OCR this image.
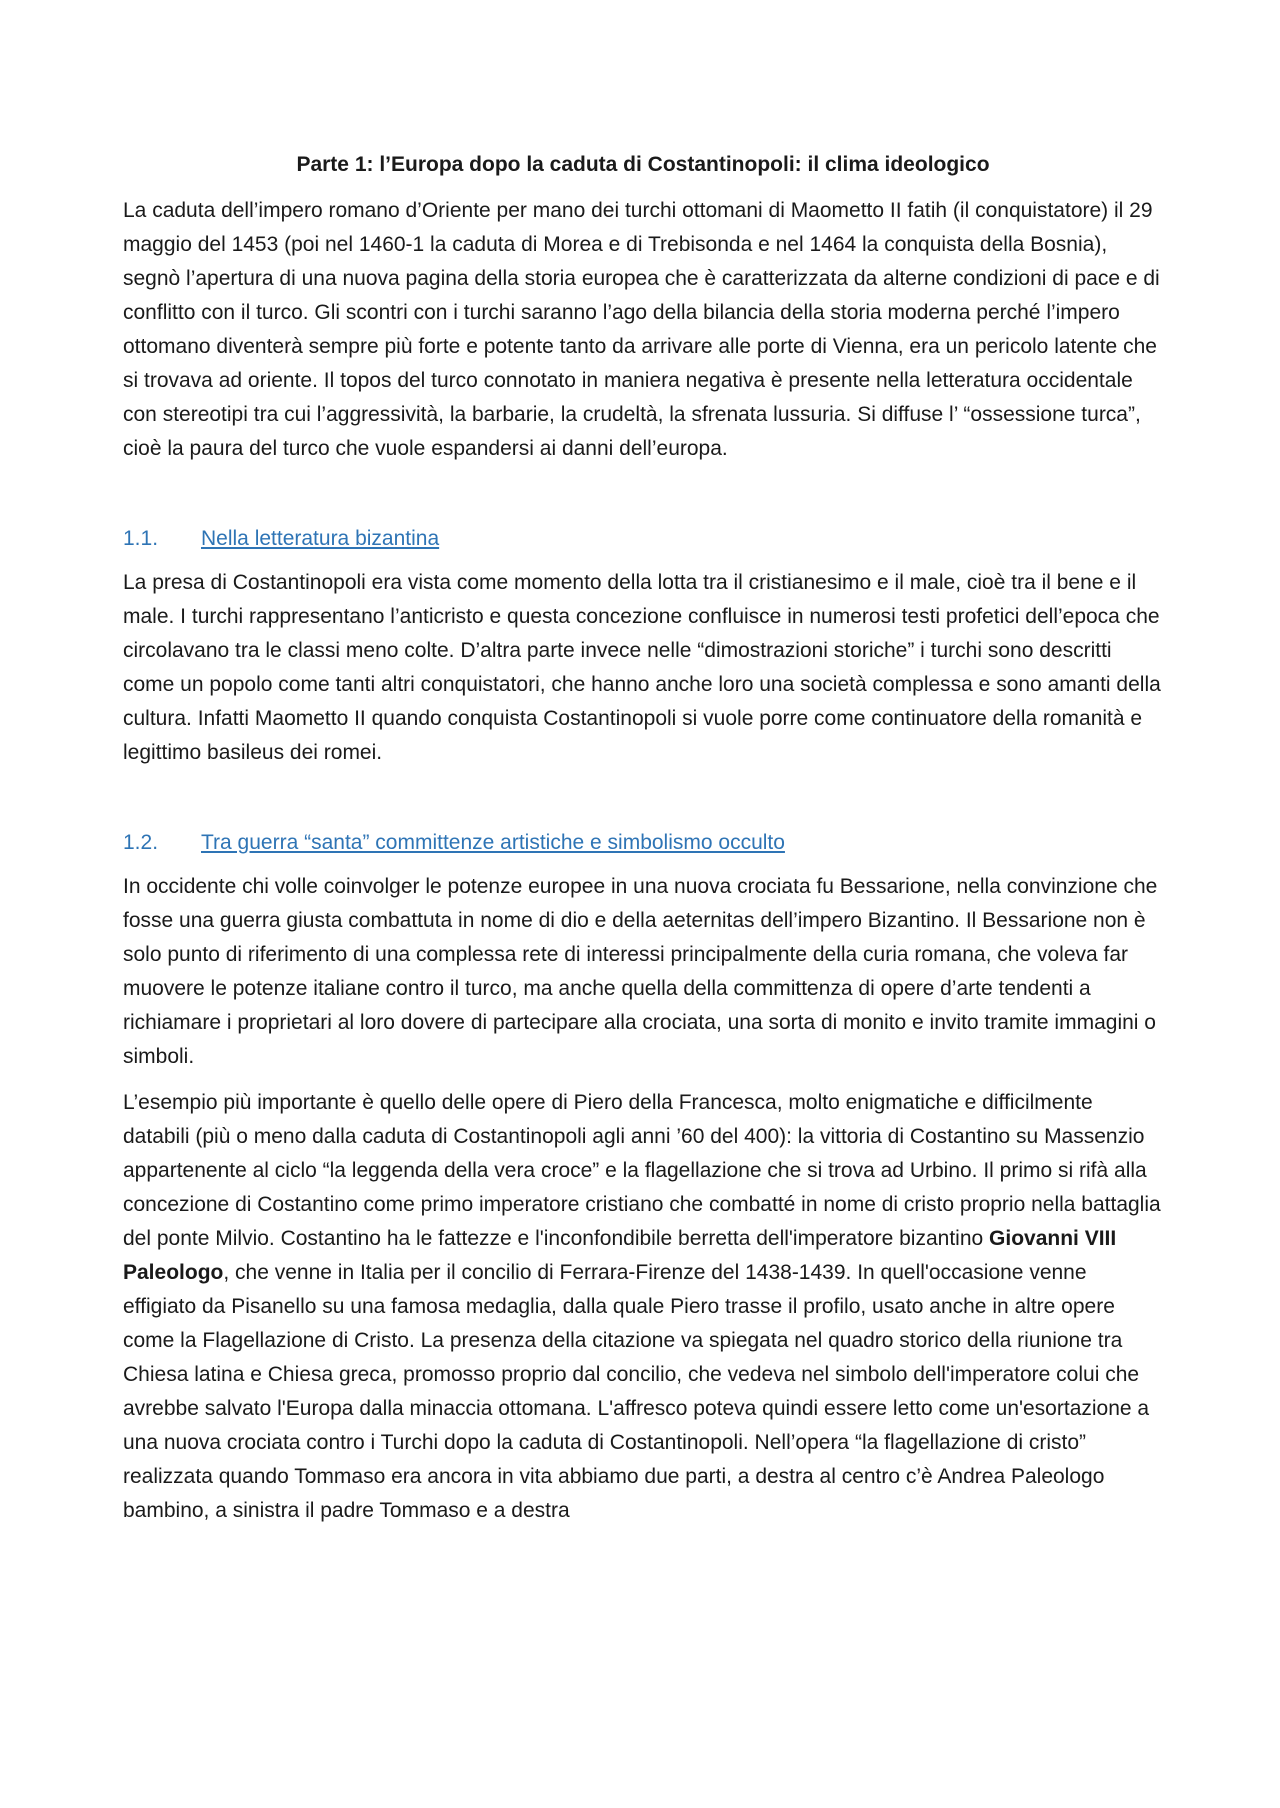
Parte 1: l’Europa dopo la caduta di Costantinopoli: il clima ideologico

La caduta dell’impero romano d’Oriente per mano dei turchi ottomani di Maometto II fatih (il conquistatore) il 29 maggio del 1453 (poi nel 1460-1 la caduta di Morea e di Trebisonda e nel 1464 la conquista della Bosnia), segnò l’apertura di una nuova pagina della storia europea che è caratterizzata da alterne condizioni di pace e di conflitto con il turco. Gli scontri con i turchi saranno l’ago della bilancia della storia moderna perché l’impero ottomano diventerà sempre più forte e potente tanto da arrivare alle porte di Vienna, era un pericolo latente che si trovava ad oriente. Il topos del turco connotato in maniera negativa è presente nella letteratura occidentale con stereotipi tra cui l’aggressività, la barbarie, la crudeltà, la sfrenata lussuria. Si diffuse l’ “ossessione turca”, cioè la paura del turco che vuole espandersi ai danni dell’europa.

1.1. Nella letteratura bizantina

La presa di Costantinopoli era vista come momento della lotta tra il cristianesimo e il male, cioè tra il bene e il male. I turchi rappresentano l’anticristo e questa concezione confluisce in numerosi testi profetici dell’epoca che circolavano tra le classi meno colte. D’altra parte invece nelle “dimostrazioni storiche” i turchi sono descritti come un popolo come tanti altri conquistatori, che hanno anche loro una società complessa e sono amanti della cultura. Infatti Maometto II quando conquista Costantinopoli si vuole porre come continuatore della romanità e legittimo basileus dei romei.

1.2. Tra guerra “santa” committenze artistiche e simbolismo occulto

In occidente chi volle coinvolger le potenze europee in una nuova crociata fu Bessarione, nella convinzione che fosse una guerra giusta combattuta in nome di dio e della aeternitas dell’impero Bizantino. Il Bessarione non è solo punto di riferimento di una complessa rete di interessi principalmente della curia romana, che voleva far muovere le potenze italiane contro il turco, ma anche quella della committenza di opere d’arte tendenti a richiamare i proprietari al loro dovere di partecipare alla crociata, una sorta di monito e invito tramite immagini o simboli.

L’esempio più importante è quello delle opere di Piero della Francesca, molto enigmatiche e difficilmente databili (più o meno dalla caduta di Costantinopoli agli anni ’60 del 400): la vittoria di Costantino su Massenzio appartenente al ciclo “la leggenda della vera croce” e la flagellazione che si trova ad Urbino. Il primo si rifà alla concezione di Costantino come primo imperatore cristiano che combatté in nome di cristo proprio nella battaglia del ponte Milvio. Costantino ha le fattezze e l'inconfondibile berretta dell'imperatore bizantino Giovanni VIII Paleologo, che venne in Italia per il concilio di Ferrara-Firenze del 1438-1439. In quell'occasione venne effigiato da Pisanello su una famosa medaglia, dalla quale Piero trasse il profilo, usato anche in altre opere come la Flagellazione di Cristo. La presenza della citazione va spiegata nel quadro storico della riunione tra Chiesa latina e Chiesa greca, promosso proprio dal concilio, che vedeva nel simbolo dell'imperatore colui che avrebbe salvato l'Europa dalla minaccia ottomana. L'affresco poteva quindi essere letto come un'esortazione a una nuova crociata contro i Turchi dopo la caduta di Costantinopoli. Nell’opera “la flagellazione di cristo” realizzata quando Tommaso era ancora in vita abbiamo due parti, a destra al centro c’è Andrea Paleologo bambino, a sinistra il padre Tommaso e a destra
